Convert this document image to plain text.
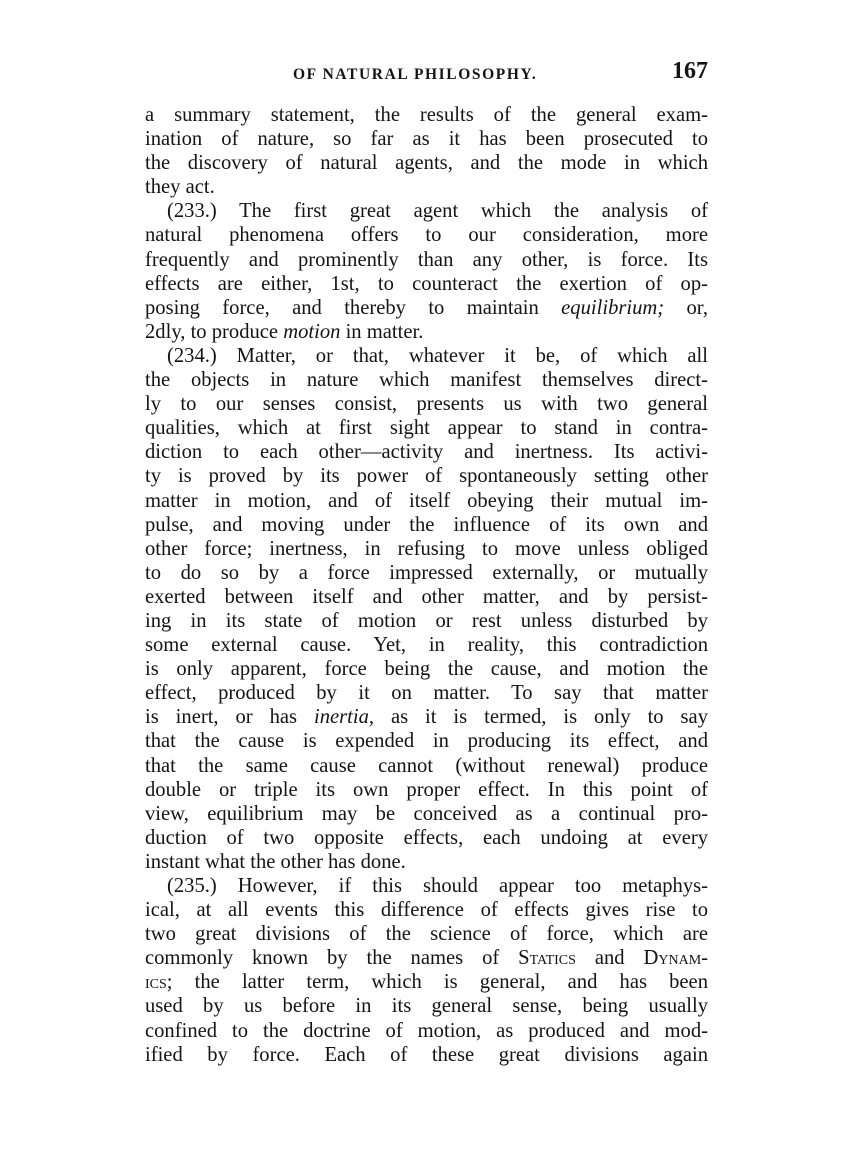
OF NATURAL PHILOSOPHY.	167
a summary statement, the results of the general exam-
ination of nature, so far as it has been prosecuted to
the discovery of natural agents, and the mode in which
they act.
(233.) The first great agent which the analysis of
natural phenomena offers to our consideration, more
frequently and prominently than any other, is force. Its
effects are either, 1st, to counteract the exertion of op-
posing force, and thereby to maintain equilibrium; or,
2dly, to produce motion in matter.
(234.) Matter, or that, whatever it be, of which all
the objects in nature which manifest themselves direct-
ly to our senses consist, presents us with two general
qualities, which at first sight appear to stand in contra-
diction to each other—activity and inertness. Its activi-
ty is proved by its power of spontaneously setting other
matter in motion, and of itself obeying their mutual im-
pulse, and moving under the influence of its own and
other force; inertness, in refusing to move unless obliged
to do so by a force impressed externally, or mutually
exerted between itself and other matter, and by persist-
ing in its state of motion or rest unless disturbed by
some external cause. Yet, in reality, this contradiction
is only apparent, force being the cause, and motion the
effect, produced by it on matter. To say that matter
is inert, or has inertia, as it is termed, is only to say
that the cause is expended in producing its effect, and
that the same cause cannot (without renewal) produce
double or triple its own proper effect. In this point of
view, equilibrium may be conceived as a continual pro-
duction of two opposite effects, each undoing at every
instant what the other has done.
(235.) However, if this should appear too metaphys-
ical, at all events this difference of effects gives rise to
two great divisions of the science of force, which are
commonly known by the names of Statics and Dynam-
ics; the latter term, which is general, and has been
used by us before in its general sense, being usually
confined to the doctrine of motion, as produced and mod-
ified by force. Each of these great divisions again
